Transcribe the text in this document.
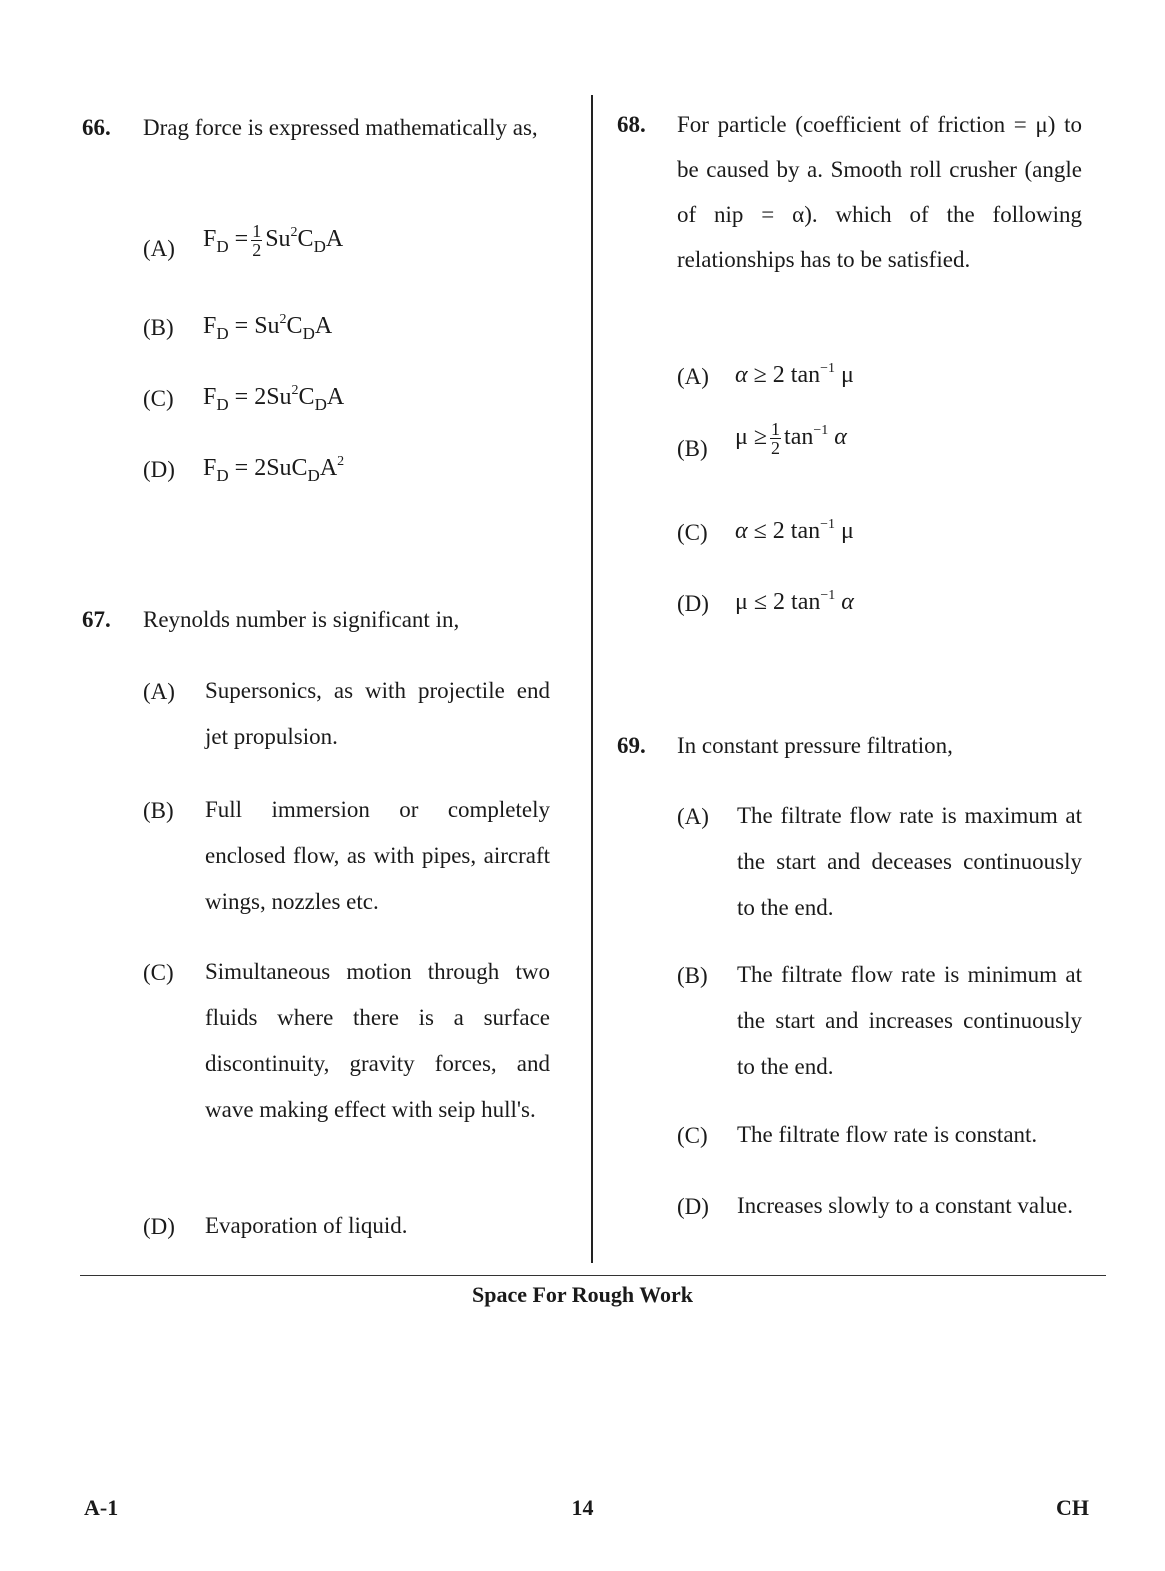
66. Drag force is expressed mathematically as,
(A) $F_D = \frac{1}{2} Su^2C_DA$
(B) $F_D = Su^2C_DA$
(C) $F_D = 2Su^2C_DA$
(D) $F_D = 2SuC_DA^2$
67. Reynolds number is significant in,
(A) Supersonics, as with projectile end jet propulsion.
(B) Full immersion or completely enclosed flow, as with pipes, aircraft wings, nozzles etc.
(C) Simultaneous motion through two fluids where there is a surface discontinuity, gravity forces, and wave making effect with seip hull's.
(D) Evaporation of liquid.
68. For particle (coefficient of friction = μ) to be caused by a. Smooth roll crusher (angle of nip = α). which of the following relationships has to be satisfied.
(A) α ≥ 2 $\tan^{-1} \mu$
(B) $\mu \ge \frac{1}{2} \tan^{-1} \alpha$
(C) α ≤ 2 $\tan^{-1} \mu$
(D) μ ≤ 2 $\tan^{-1} \alpha$
69. In constant pressure filtration,
(A) The filtrate flow rate is maximum at the start and deceases continuously to the end.
(B) The filtrate flow rate is minimum at the start and increases continuously to the end.
(C) The filtrate flow rate is constant.
(D) Increases slowly to a constant value.
Space For Rough Work
A-1	14	CH
